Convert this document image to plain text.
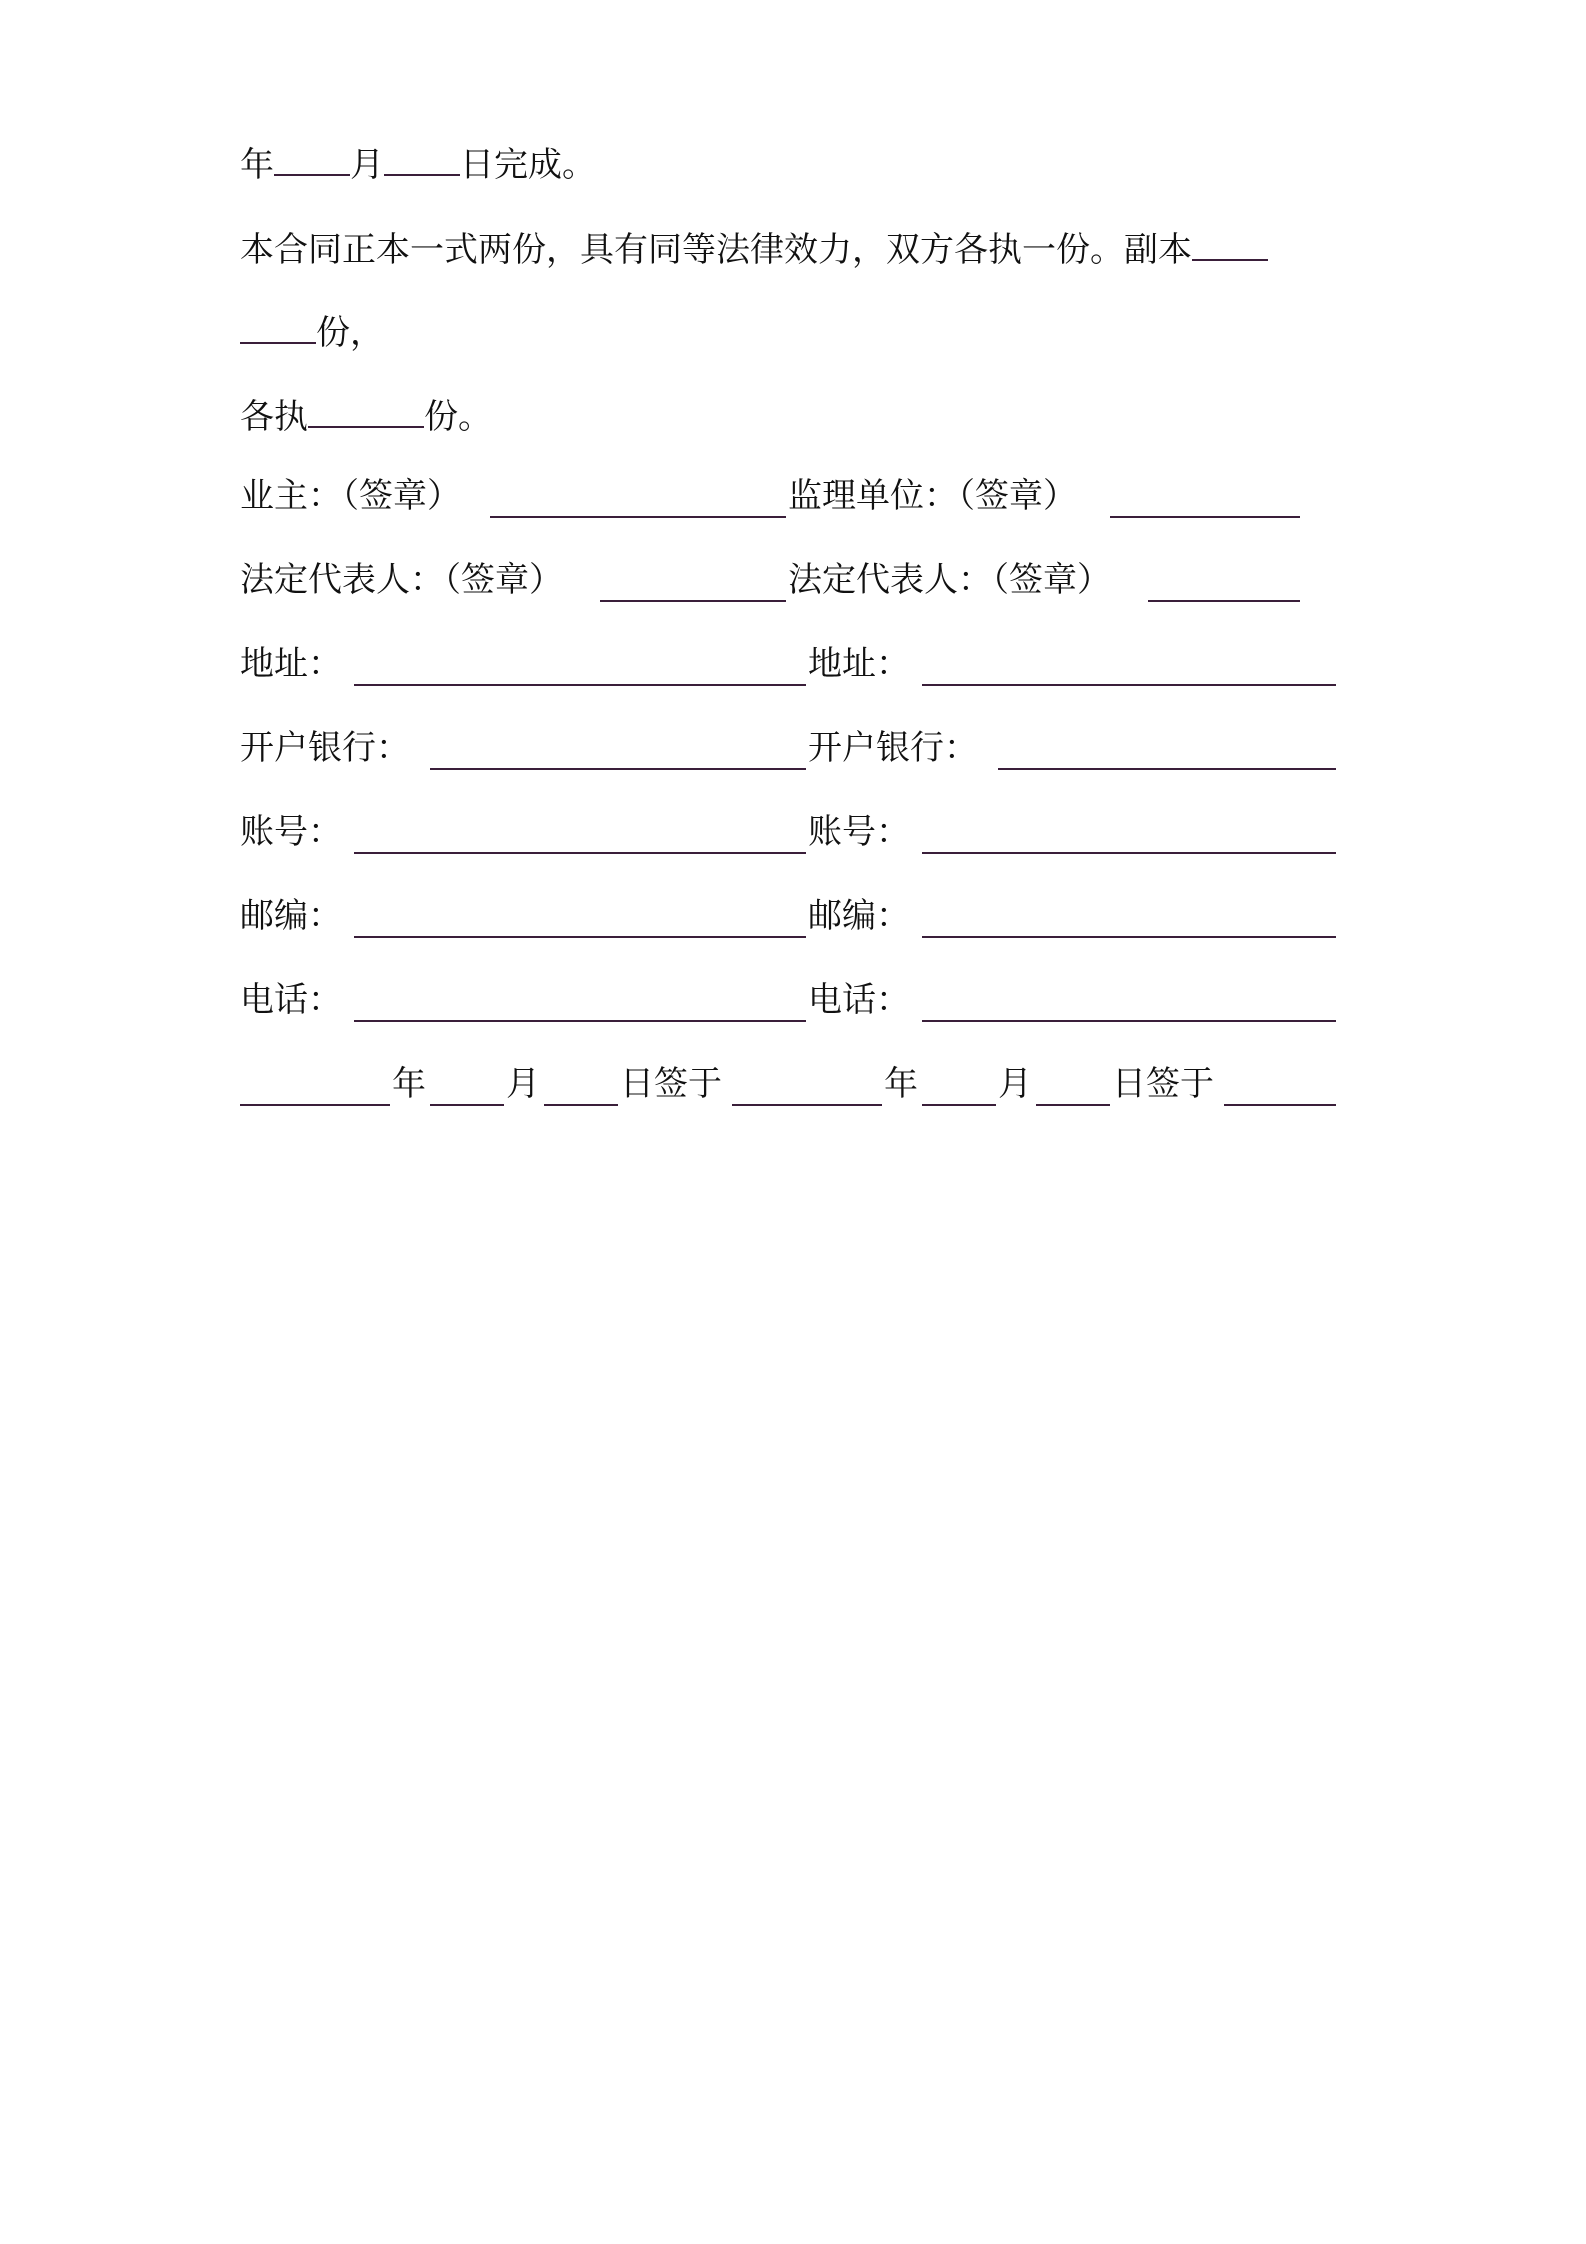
年 月 日完成。
本合同正本一式两份，具有同等法律效力，双方各执一份。副本
份，
各执	份。
业主：（签章）	监理单位：（签章）
法定代表人：（签章）	法定代表人：（签章）
地址：	地址：
开户银行：	开户银行：
账号：	账号：
邮编：	邮编：
电话：	电话：
年 月 日签于	年 月 日签于
